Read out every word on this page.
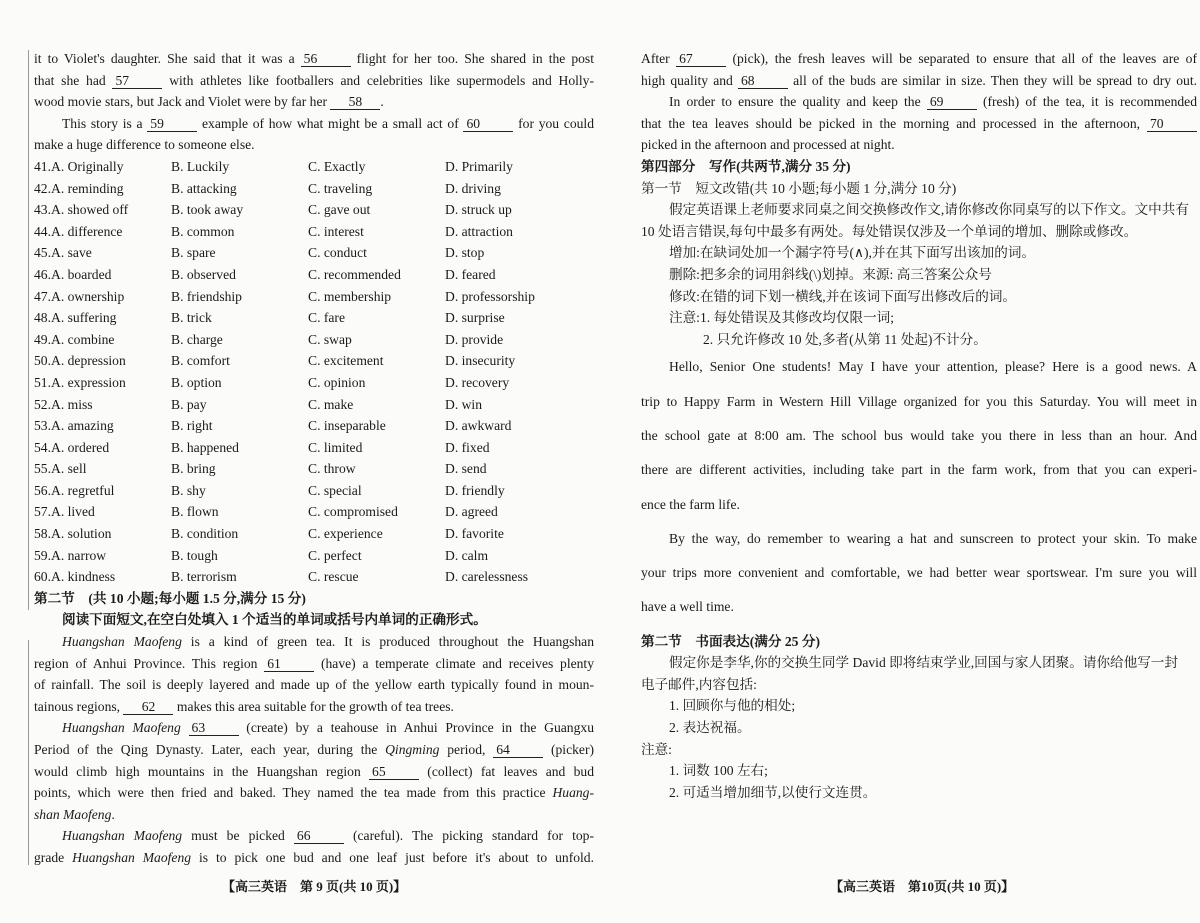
it to Violet's daughter. She said that it was a 56 flight for her too. She shared in the post
that she had 57 with athletes like footballers and celebrities like supermodels and Holly-
wood movie stars, but Jack and Violet were by far her 58 .
This story is a 59 example of how what might be a small act of 60 for you could
make a huge difference to someone else.
41.A. Originally	B. Luckily	C. Exactly	D. Primarily
42.A. reminding	B. attacking	C. traveling	D. driving
43.A. showed off	B. took away	C. gave out	D. struck up
44.A. difference	B. common	C. interest	D. attraction
45.A. save	B. spare	C. conduct	D. stop
46.A. boarded	B. observed	C. recommended	D. feared
47.A. ownership	B. friendship	C. membership	D. professorship
48.A. suffering	B. trick	C. fare	D. surprise
49.A. combine	B. charge	C. swap	D. provide
50.A. depression	B. comfort	C. excitement	D. insecurity
51.A. expression	B. option	C. opinion	D. recovery
52.A. miss	B. pay	C. make	D. win
53.A. amazing	B. right	C. inseparable	D. awkward
54.A. ordered	B. happened	C. limited	D. fixed
55.A. sell	B. bring	C. throw	D. send
56.A. regretful	B. shy	C. special	D. friendly
57.A. lived	B. flown	C. compromised	D. agreed
58.A. solution	B. condition	C. experience	D. favorite
59.A. narrow	B. tough	C. perfect	D. calm
60.A. kindness	B. terrorism	C. rescue	D. carelessness
第二节　(共 10 小题;每小题 1.5 分,满分 15 分)
阅读下面短文,在空白处填入 1 个适当的单词或括号内单词的正确形式。
Huangshan Maofeng is a kind of green tea. It is produced throughout the Huangshan
region of Anhui Province. This region 61 (have) a temperate climate and receives plenty
of rainfall. The soil is deeply layered and made up of the yellow earth typically found in moun-
tainous regions, 62 makes this area suitable for the growth of tea trees.
Huangshan Maofeng 63 (create) by a teahouse in Anhui Province in the Guangxu
Period of the Qing Dynasty. Later, each year, during the Qingming period, 64 (picker)
would climb high mountains in the Huangshan region 65 (collect) fat leaves and bud
points, which were then fried and baked. They named the tea made from this practice Huang-
shan Maofeng.
Huangshan Maofeng must be picked 66 (careful). The picking standard for top-
grade Huangshan Maofeng is to pick one bud and one leaf just before it's about to unfold.
After 67 (pick), the fresh leaves will be separated to ensure that all of the leaves are of
high quality and 68 all of the buds are similar in size. Then they will be spread to dry out.
In order to ensure the quality and keep the 69 (fresh) of the tea, it is recommended
that the tea leaves should be picked in the morning and processed in the afternoon, 70
picked in the afternoon and processed at night.
第四部分　写作(共两节,满分 35 分)
第一节　短文改错(共 10 小题;每小题 1 分,满分 10 分)
假定英语课上老师要求同桌之间交换修改作文,请你修改你同桌写的以下作文。文中共有
10 处语言错误,每句中最多有两处。每处错误仅涉及一个单词的增加、删除或修改。
增加:在缺词处加一个漏字符号(∧),并在其下面写出该加的词。
删除:把多余的词用斜线(\)划掉。来源: 高三答案公众号
修改:在错的词下划一横线,并在该词下面写出修改后的词。
注意:1. 每处错误及其修改均仅限一词;
2. 只允许修改 10 处,多者(从第 11 处起)不计分。
Hello, Senior One students! May I have your attention, please? Here is a good news. A
trip to Happy Farm in Western Hill Village organized for you this Saturday. You will meet in
the school gate at 8:00 am. The school bus would take you there in less than an hour. And
there are different activities, including take part in the farm work, from that you can experi-
ence the farm life.
By the way, do remember to wearing a hat and sunscreen to protect your skin. To make
your trips more convenient and comfortable, we had better wear sportswear. I'm sure you will
have a well time.
第二节　书面表达(满分 25 分)
假定你是李华,你的交换生同学 David 即将结束学业,回国与家人团聚。请你给他写一封
电子邮件,内容包括:
1. 回顾你与他的相处;
2. 表达祝福。
注意:
1. 词数 100 左右;
2. 可适当增加细节,以使行文连贯。
【高三英语　第 9 页(共 10 页)】	【高三英语　第10页(共 10 页)】
